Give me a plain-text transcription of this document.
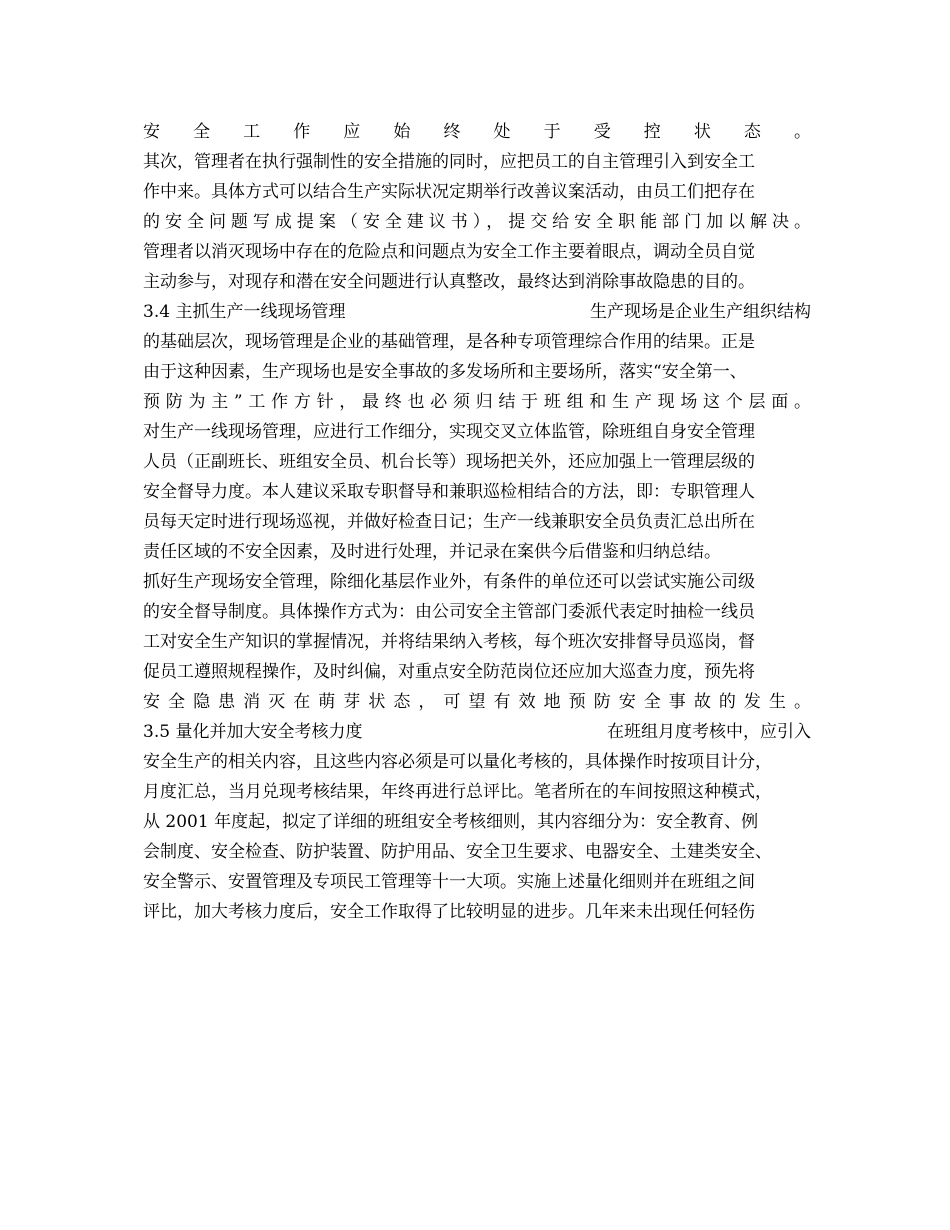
安 全 工 作 应 始 终 处 于 受 控 状 态 。
其次，管理者在执行强制性的安全措施的同时，应把员工的自主管理引入到安全工
作中来。具体方式可以结合生产实际状况定期举行改善议案活动，由员工们把存在
的安全问题写成提案（安全建议书），提交给安全职能部门加以解决。
管理者以消灭现场中存在的危险点和问题点为安全工作主要着眼点，调动全员自觉
主动参与，对现存和潜在安全问题进行认真整改，最终达到消除事故隐患的目的。
3.4 主抓生产一线现场管理	生产现场是企业生产组织结构
的基础层次，现场管理是企业的基础管理，是各种专项管理综合作用的结果。正是
由于这种因素，生产现场也是安全事故的多发场所和主要场所，落实“安全第一、
预防为主”工作方针，最终也必须归结于班组和生产现场这个层面。
对生产一线现场管理，应进行工作细分，实现交叉立体监管，除班组自身安全管理
人员（正副班长、班组安全员、机台长等）现场把关外，还应加强上一管理层级的
安全督导力度。本人建议采取专职督导和兼职巡检相结合的方法，即：专职管理人
员每天定时进行现场巡视，并做好检查日记；生产一线兼职安全员负责汇总出所在
责任区域的不安全因素，及时进行处理，并记录在案供今后借鉴和归纳总结。
抓好生产现场安全管理，除细化基层作业外，有条件的单位还可以尝试实施公司级
的安全督导制度。具体操作方式为：由公司安全主管部门委派代表定时抽检一线员
工对安全生产知识的掌握情况，并将结果纳入考核，每个班次安排督导员巡岗，督
促员工遵照规程操作，及时纠偏，对重点安全防范岗位还应加大巡查力度，预先将
安全隐患消灭在萌芽状态，可望有效地预防安全事故的发生。
3.5 量化并加大安全考核力度	在班组月度考核中，应引入
安全生产的相关内容，且这些内容必须是可以量化考核的，具体操作时按项目计分，
月度汇总，当月兑现考核结果，年终再进行总评比。笔者所在的车间按照这种模式，
从 2001 年度起，拟定了详细的班组安全考核细则，其内容细分为：安全教育、例
会制度、安全检查、防护装置、防护用品、安全卫生要求、电器安全、土建类安全、
安全警示、安置管理及专项民工管理等十一大项。实施上述量化细则并在班组之间
评比，加大考核力度后，安全工作取得了比较明显的进步。几年来未出现任何轻伤
